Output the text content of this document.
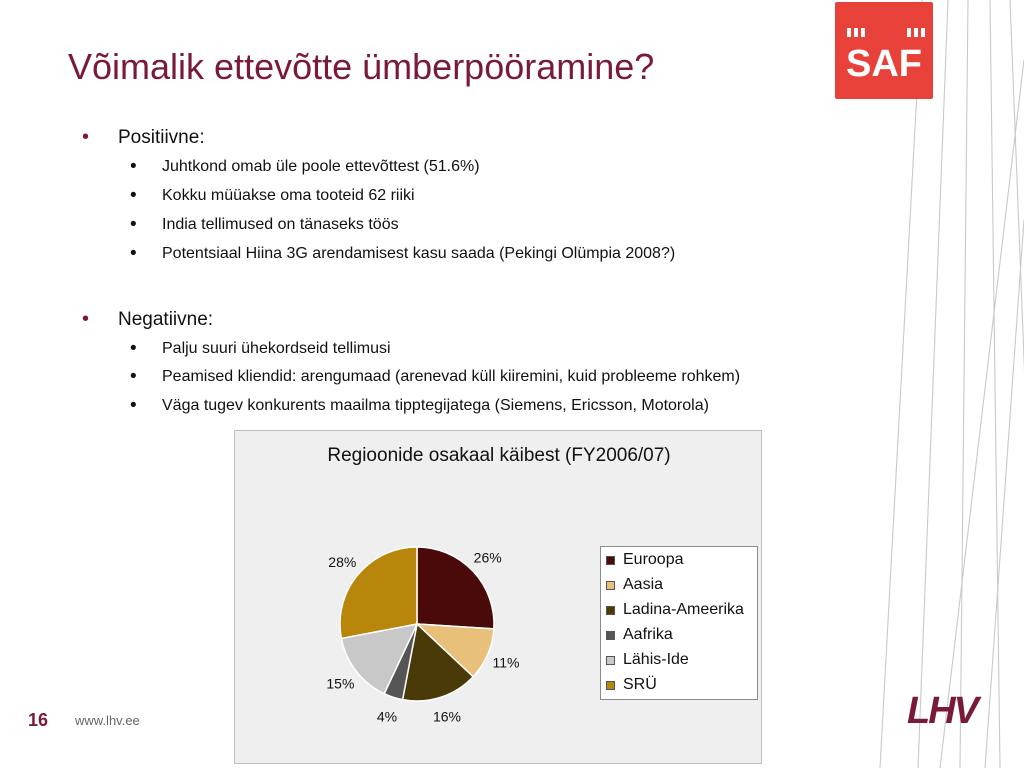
Võimalik ettevõtte ümberpööramine?	SAF
• Positiivne:
• Juhtkond omab üle poole ettevõttest (51.6%)
• Kokku müüakse oma tooteid 62 riiki
• India tellimused on tänaseks töös
• Potentsiaal Hiina 3G arendamisest kasu saada (Pekingi Olümpia 2008?)
• Negatiivne:
• Palju suuri ühekordseid tellimusi
• Peamised kliendid: arengumaad (arenevad küll kiiremini, kuid probleeme rohkem)
• Väga tugev konkurents maailma tipptegijatega (Siemens, Ericsson, Motorola)
Regioonide osakaal käibest (FY2006/07)
26%
11%
16%
4%
15%
28%	Euroopa
Aasia
Ladina-Ameerika
Aafrika
Lähis-Ide
SRÜ
16 www.lhv.ee	LHV
